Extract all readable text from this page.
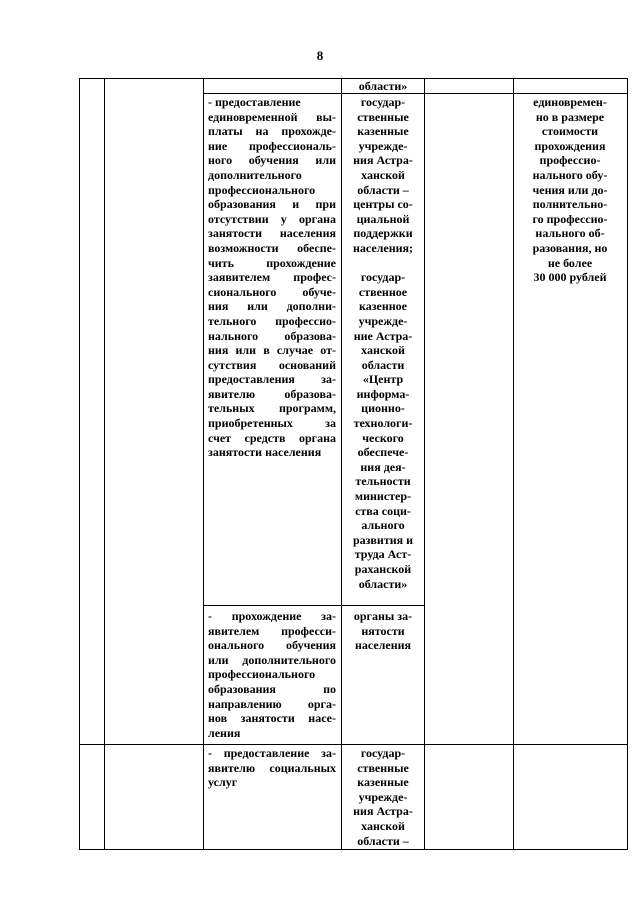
8
области»
- предоставление
единовременной вы-
платы на прохожде-
ние профессиональ-
ного обучения или
дополнительного
профессионального
образования и при
отсутствии у органа
занятости населения
возможности обеспе-
чить прохождение
заявителем профес-
сионального обуче-
ния или дополни-
тельного профессио-
нального образова-
ния или в случае от-
сутствия оснований
предоставления за-
явителю образова-
тельных программ,
приобретенных за
счет средств органа
занятости населения
государ-
ственные
казенные
учрежде-
ния Астра-
ханской
области –
центры со-
циальной
поддержки
населения;

государ-
ственное
казенное
учрежде-
ние Астра-
ханской
области
«Центр
информа-
ционно-
технологи-
ческого
обеспече-
ния дея-
тельности
министер-
ства соци-
ального
развития и
труда Аст-
раханской
области»
единовремен-
но в размере
стоимости
прохождения
профессио-
нального обу-
чения или до-
полнительно-
го профессио-
нального об-
разования, но
не более
30 000 рублей
- прохождение за-
явителем професси-
онального обучения
или дополнительного
профессионального
образования по
направлению орга-
нов занятости насе-
ления
органы за-
нятости
населения
- предоставление за-
явителю социальных
услуг
государ-
ственные
казенные
учрежде-
ния Астра-
ханской
области –
